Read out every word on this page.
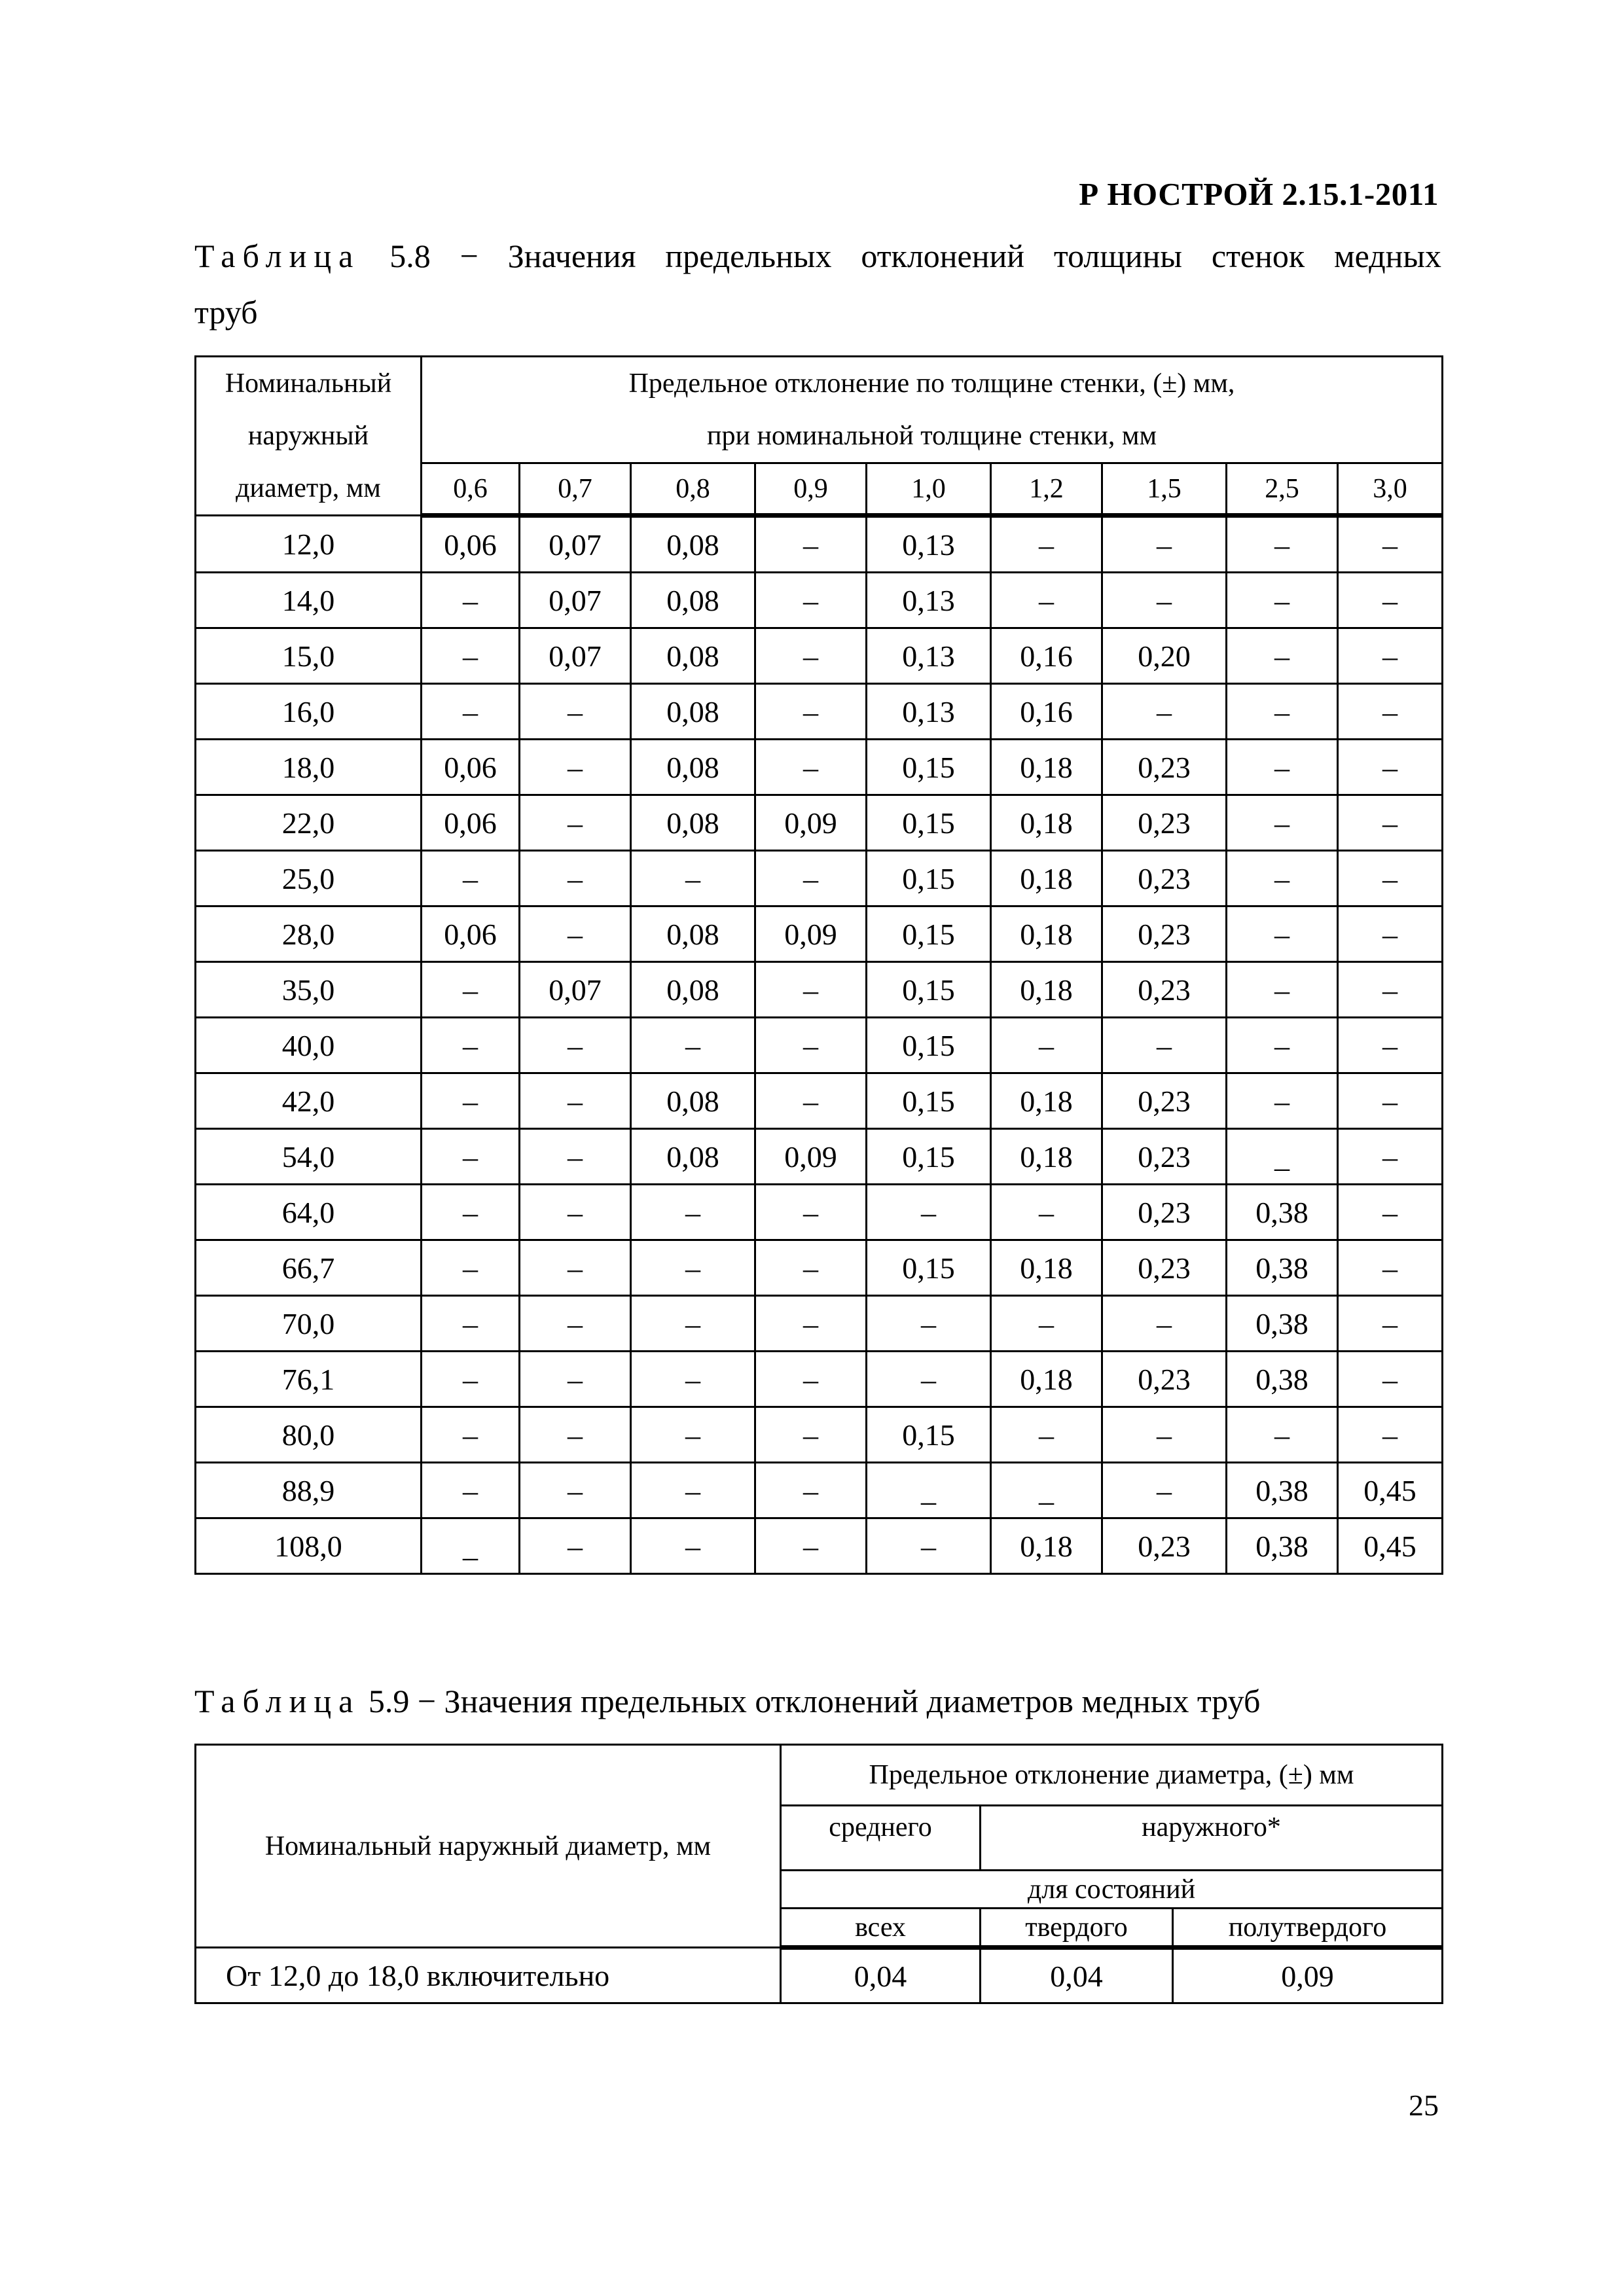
Р НОСТРОЙ 2.15.1-2011
Таблица 5.8 − Значения предельных отклонений толщины стенок медных
труб
Номинальный
наружный
диаметр, мм	Предельное отклонение по толщине стенки, (±) мм,
при номинальной толщине стенки, мм								

	0,6	0,7	0,8	0,9	1,0	1,2	1,5	2,5	3,0
12,0	0,06	0,07	0,08	–	0,13	–	–	–	–
14,0	–	0,07	0,08	–	0,13	–	–	–	–
15,0	–	0,07	0,08	–	0,13	0,16	0,20	–	–
16,0	–	–	0,08	–	0,13	0,16	–	–	–
18,0	0,06	–	0,08	–	0,15	0,18	0,23	–	–
22,0	0,06	–	0,08	0,09	0,15	0,18	0,23	–	–
25,0	–	–	–	–	0,15	0,18	0,23	–	–
28,0	0,06	–	0,08	0,09	0,15	0,18	0,23	–	–
35,0	–	0,07	0,08	–	0,15	0,18	0,23	–	–
40,0	–	–	–	–	0,15	–	–	–	–
42,0	–	–	0,08	–	0,15	0,18	0,23	–	–
54,0	–	–	0,08	0,09	0,15	0,18	0,23	_	–
64,0	–	–	–	–	–	–	0,23	0,38	–
66,7	–	–	–	–	0,15	0,18	0,23	0,38	–
70,0	–	–	–	–	–	–	–	0,38	–
76,1	–	–	–	–	–	0,18	0,23	0,38	–
80,0	–	–	–	–	0,15	–	–	–	–
88,9	–	–	–	–	_	_	–	0,38	0,45
108,0	_	–	–	–	–	0,18	0,23	0,38	0,45
Таблица 5.9 − Значения предельных отклонений диаметров медных труб
Номинальный наружный диаметр, мм	Предельное отклонение диаметра, (±) мм		
	среднего	наружного*	
	для состояний		
	всех	твердого	полутвердого
От 12,0 до 18,0 включительно	0,04	0,04	0,09
25
